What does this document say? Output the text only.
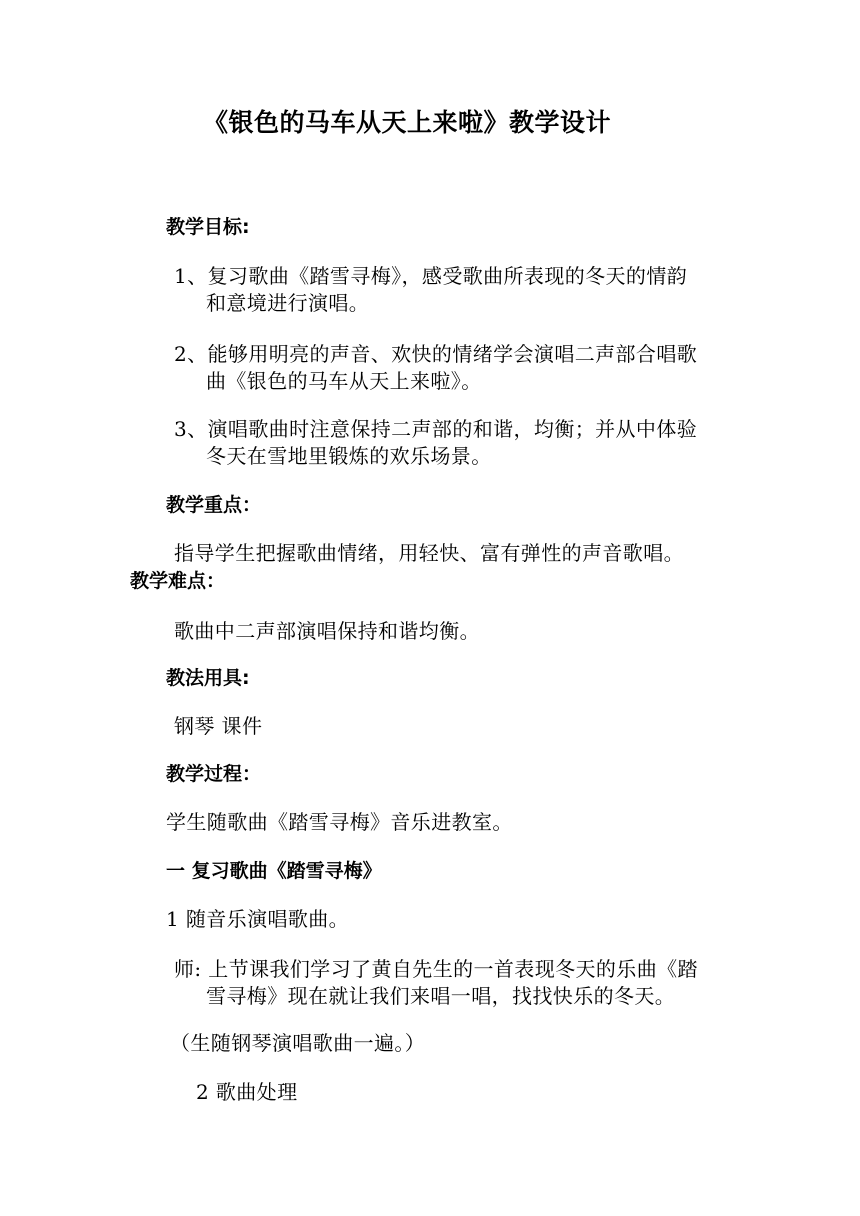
《银色的马车从天上来啦》教学设计
教学目标:
1、复习歌曲《踏雪寻梅》，感受歌曲所表现的冬天的情韵
和意境进行演唱。
2、能够用明亮的声音、欢快的情绪学会演唱二声部合唱歌
曲《银色的马车从天上来啦》。
3、演唱歌曲时注意保持二声部的和谐，均衡；并从中体验
冬天在雪地里锻炼的欢乐场景。
教学重点：
指导学生把握歌曲情绪，用轻快、富有弹性的声音歌唱。
教学难点：
歌曲中二声部演唱保持和谐均衡。
教法用具:
钢琴 课件
教学过程：
学生随歌曲《踏雪寻梅》音乐进教室。
一 复习歌曲《踏雪寻梅》
1 随音乐演唱歌曲。
师: 上节课我们学习了黄自先生的一首表现冬天的乐曲《踏
雪寻梅》现在就让我们来唱一唱，找找快乐的冬天。
（生随钢琴演唱歌曲一遍。）
2 歌曲处理
